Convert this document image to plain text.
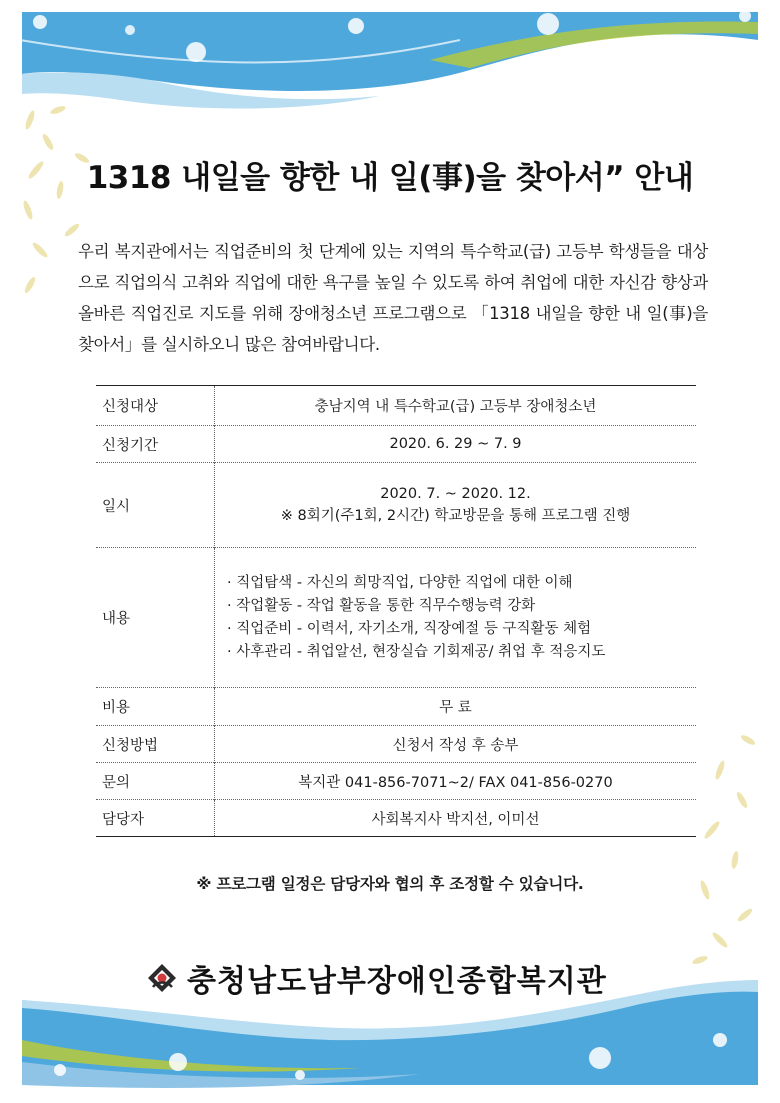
1318 내일을 향한 내 일(事)을 찾아서” 안내
우리 복지관에서는 직업준비의 첫 단계에 있는 지역의 특수학교(급) 고등부 학생들을 대상으로 직업의식 고취와 직업에 대한 욕구를 높일 수 있도록 하여 취업에 대한 자신감 향상과 올바른 직업진로 지도를 위해 장애청소년 프로그램으로 「1318 내일을 향한 내 일(事)을 찾아서」를 실시하오니 많은 참여바랍니다.
신청대상	충남지역 내 특수학교(급) 고등부 장애청소년
신청기간	2020. 6. 29 ~ 7. 9
일시	2020. 7. ~ 2020. 12.
※ 8회기(주1회, 2시간) 학교방문을 통해 프로그램 진행

내용	· 직업탐색 - 자신의 희망직업, 다양한 직업에 대한 이해
· 작업활동 - 작업 활동을 통한 직무수행능력 강화
· 직업준비 - 이력서, 자기소개, 직장예절 등 구직활동 체험
· 사후관리 - 취업알선, 현장실습 기회제공/ 취업 후 적응지도

비용	무 료
신청방법	신청서 작성 후 송부
문의	복지관 041-856-7071~2/ FAX 041-856-0270
담당자	사회복지사 박지선, 이미선
※ 프로그램 일정은 담당자와 협의 후 조정할 수 있습니다.
충청남도남부장애인종합복지관
